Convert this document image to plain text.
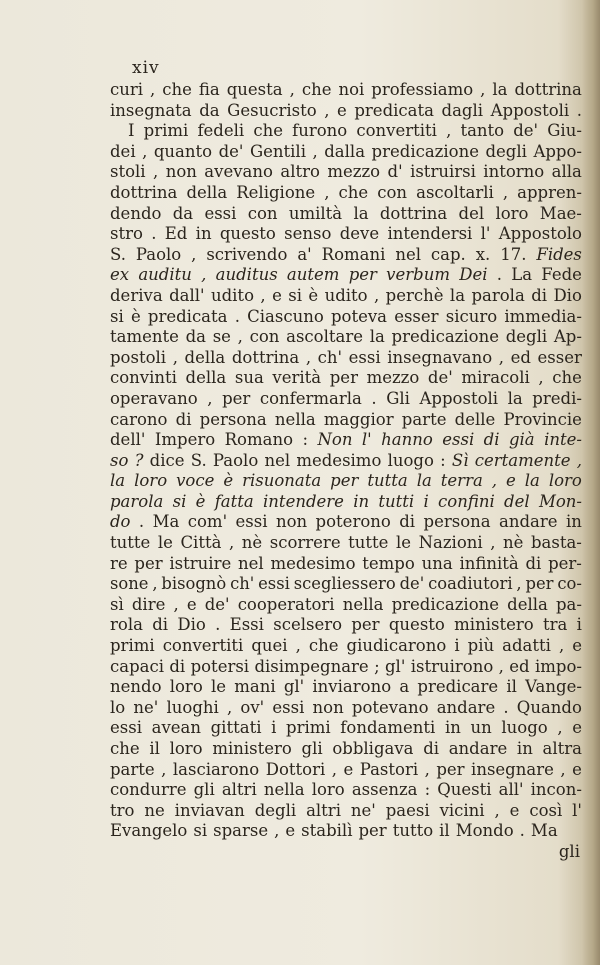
xiv
curi , che fia questa , che noi professiamo , la dottrina
insegnata da Gesucristo , e predicata dagli Appostoli .
I primi fedeli che furono convertiti , tanto de' Giu-
dei , quanto de' Gentili , dalla predicazione degli Appo-
stoli , non avevano altro mezzo d' istruirsi intorno alla
dottrina della Religione , che con ascoltarli , appren-
dendo da essi con umiltà la dottrina del loro Mae-
stro . Ed in questo senso deve intendersi l' Appostolo
S. Paolo , scrivendo a' Romani nel cap. x. 17. Fides
ex auditu , auditus autem per verbum Dei . La Fede
deriva dall' udito , e si è udito , perchè la parola di Dio
si è predicata . Ciascuno poteva esser sicuro immedia-
tamente da se , con ascoltare la predicazione degli Ap-
postoli , della dottrina , ch' essi insegnavano , ed esser
convinti della sua verità per mezzo de' miracoli , che
operavano , per confermarla . Gli Appostoli la predi-
carono di persona nella maggior parte delle Provincie
dell' Impero Romano : Non l' hanno essi di già inte-
so ? dice S. Paolo nel medesimo luogo : Sì certamente ,
la loro voce è risuonata per tutta la terra , e la loro
parola si è fatta intendere in tutti i confini del Mon-
do . Ma com' essi non poterono di persona andare in
tutte le Città , nè scorrere tutte le Nazioni , nè basta-
re per istruire nel medesimo tempo una infinità di per-
sone , bisognò ch' essi scegliessero de' coadiutori , per co-
sì dire , e de' cooperatori nella predicazione della pa-
rola di Dio . Essi scelsero per questo ministero tra i
primi convertiti quei , che giudicarono i più adatti , e
capaci di potersi disimpegnare ; gl' istruirono , ed impo-
nendo loro le mani gl' inviarono a predicare il Vange-
lo ne' luoghi , ov' essi non potevano andare . Quando
essi avean gittati i primi fondamenti in un luogo , e
che il loro ministero gli obbligava di andare in altra
parte , lasciarono Dottori , e Pastori , per insegnare , e
condurre gli altri nella loro assenza : Questi all' incon-
tro ne inviavan degli altri ne' paesi vicini , e così l'
Evangelo si sparse , e stabilì per tutto il Mondo . Ma
gli
